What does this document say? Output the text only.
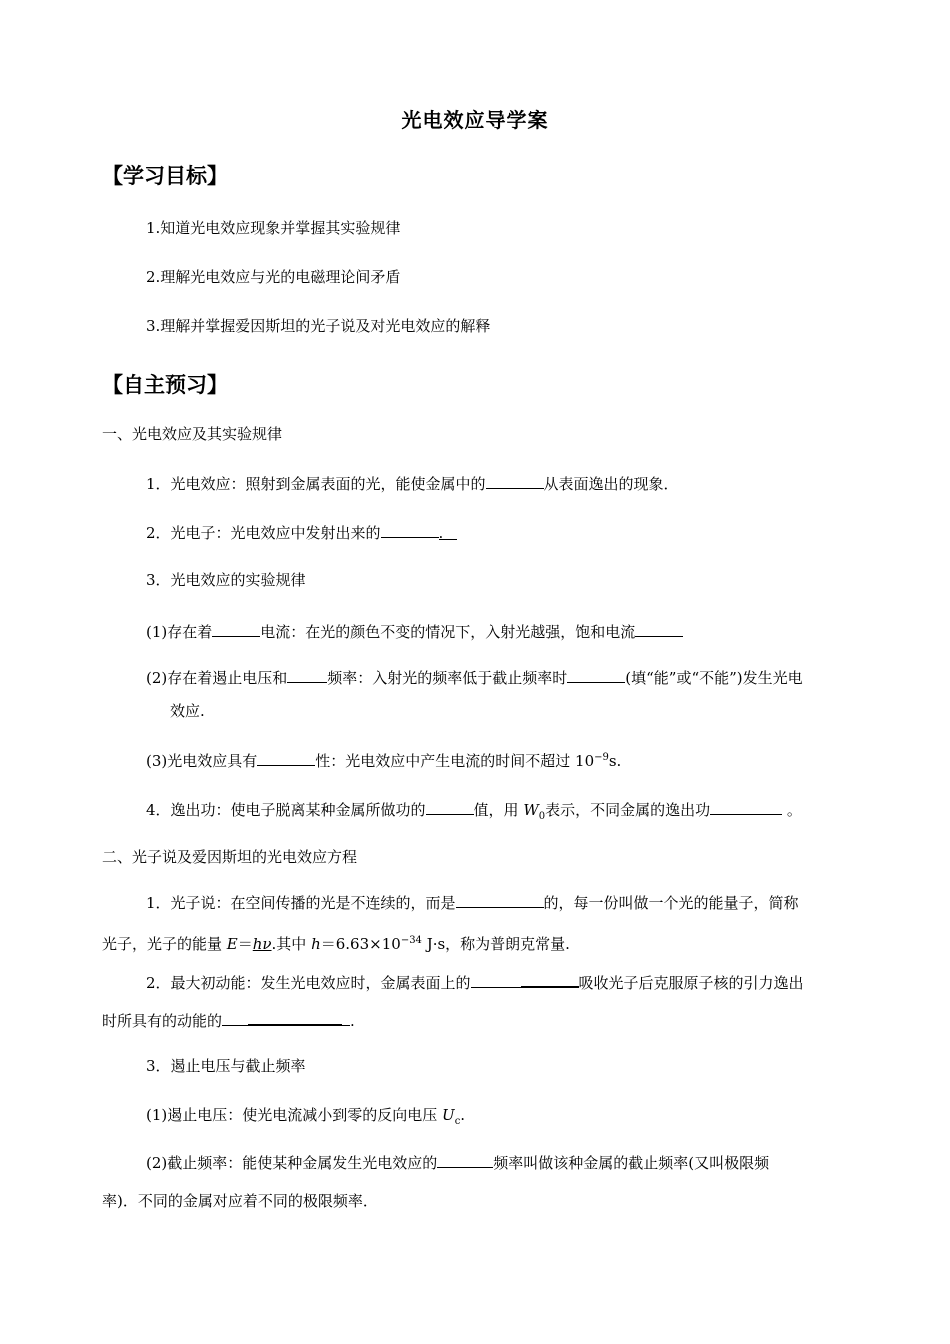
光电效应导学案
【学习目标】
1.知道光电效应现象并掌握其实验规律
2.理解光电效应与光的电磁理论间矛盾
3.理解并掌握爱因斯坦的光子说及对光电效应的解释
【自主预习】
一、光电效应及其实验规律
1．光电效应：照射到金属表面的光，能使金属中的	从表面逸出的现象．
2．光电子：光电效应中发射出来的	.
3．光电效应的实验规律
(1)存在着	电流：在光的颜色不变的情况下，入射光越强，饱和电流
(2)存在着遏止电压和	频率：入射光的频率低于截止频率时	(填“能”或“不能”)发生光电
效应.
(3)光电效应具有	性：光电效应中产生电流的时间不超过 $10^{-9}s$.
4．逸出功：使电子脱离某种金属所做功的	值，用 $W_0$表示，不同金属的逸出功	。
二、光子说及爱因斯坦的光电效应方程
1．光子说：在空间传播的光是不连续的，而是	的，每一份叫做一个光的能量子，简称
光子，光子的能量 E＝hν.其中 $h=6.63\times 10^{-34}$ J·s，称为普朗克常量.
2．最大初动能：发生光电效应时，金属表面上的	吸收光子后克服原子核的引力逸出
时所具有的动能的	.
3．遏止电压与截止频率
(1)遏止电压：使光电流减小到零的反向电压 $U_c$.
(2)截止频率：能使某种金属发生光电效应的	频率叫做该种金属的截止频率(又叫极限频
率)．不同的金属对应着不同的极限频率．
